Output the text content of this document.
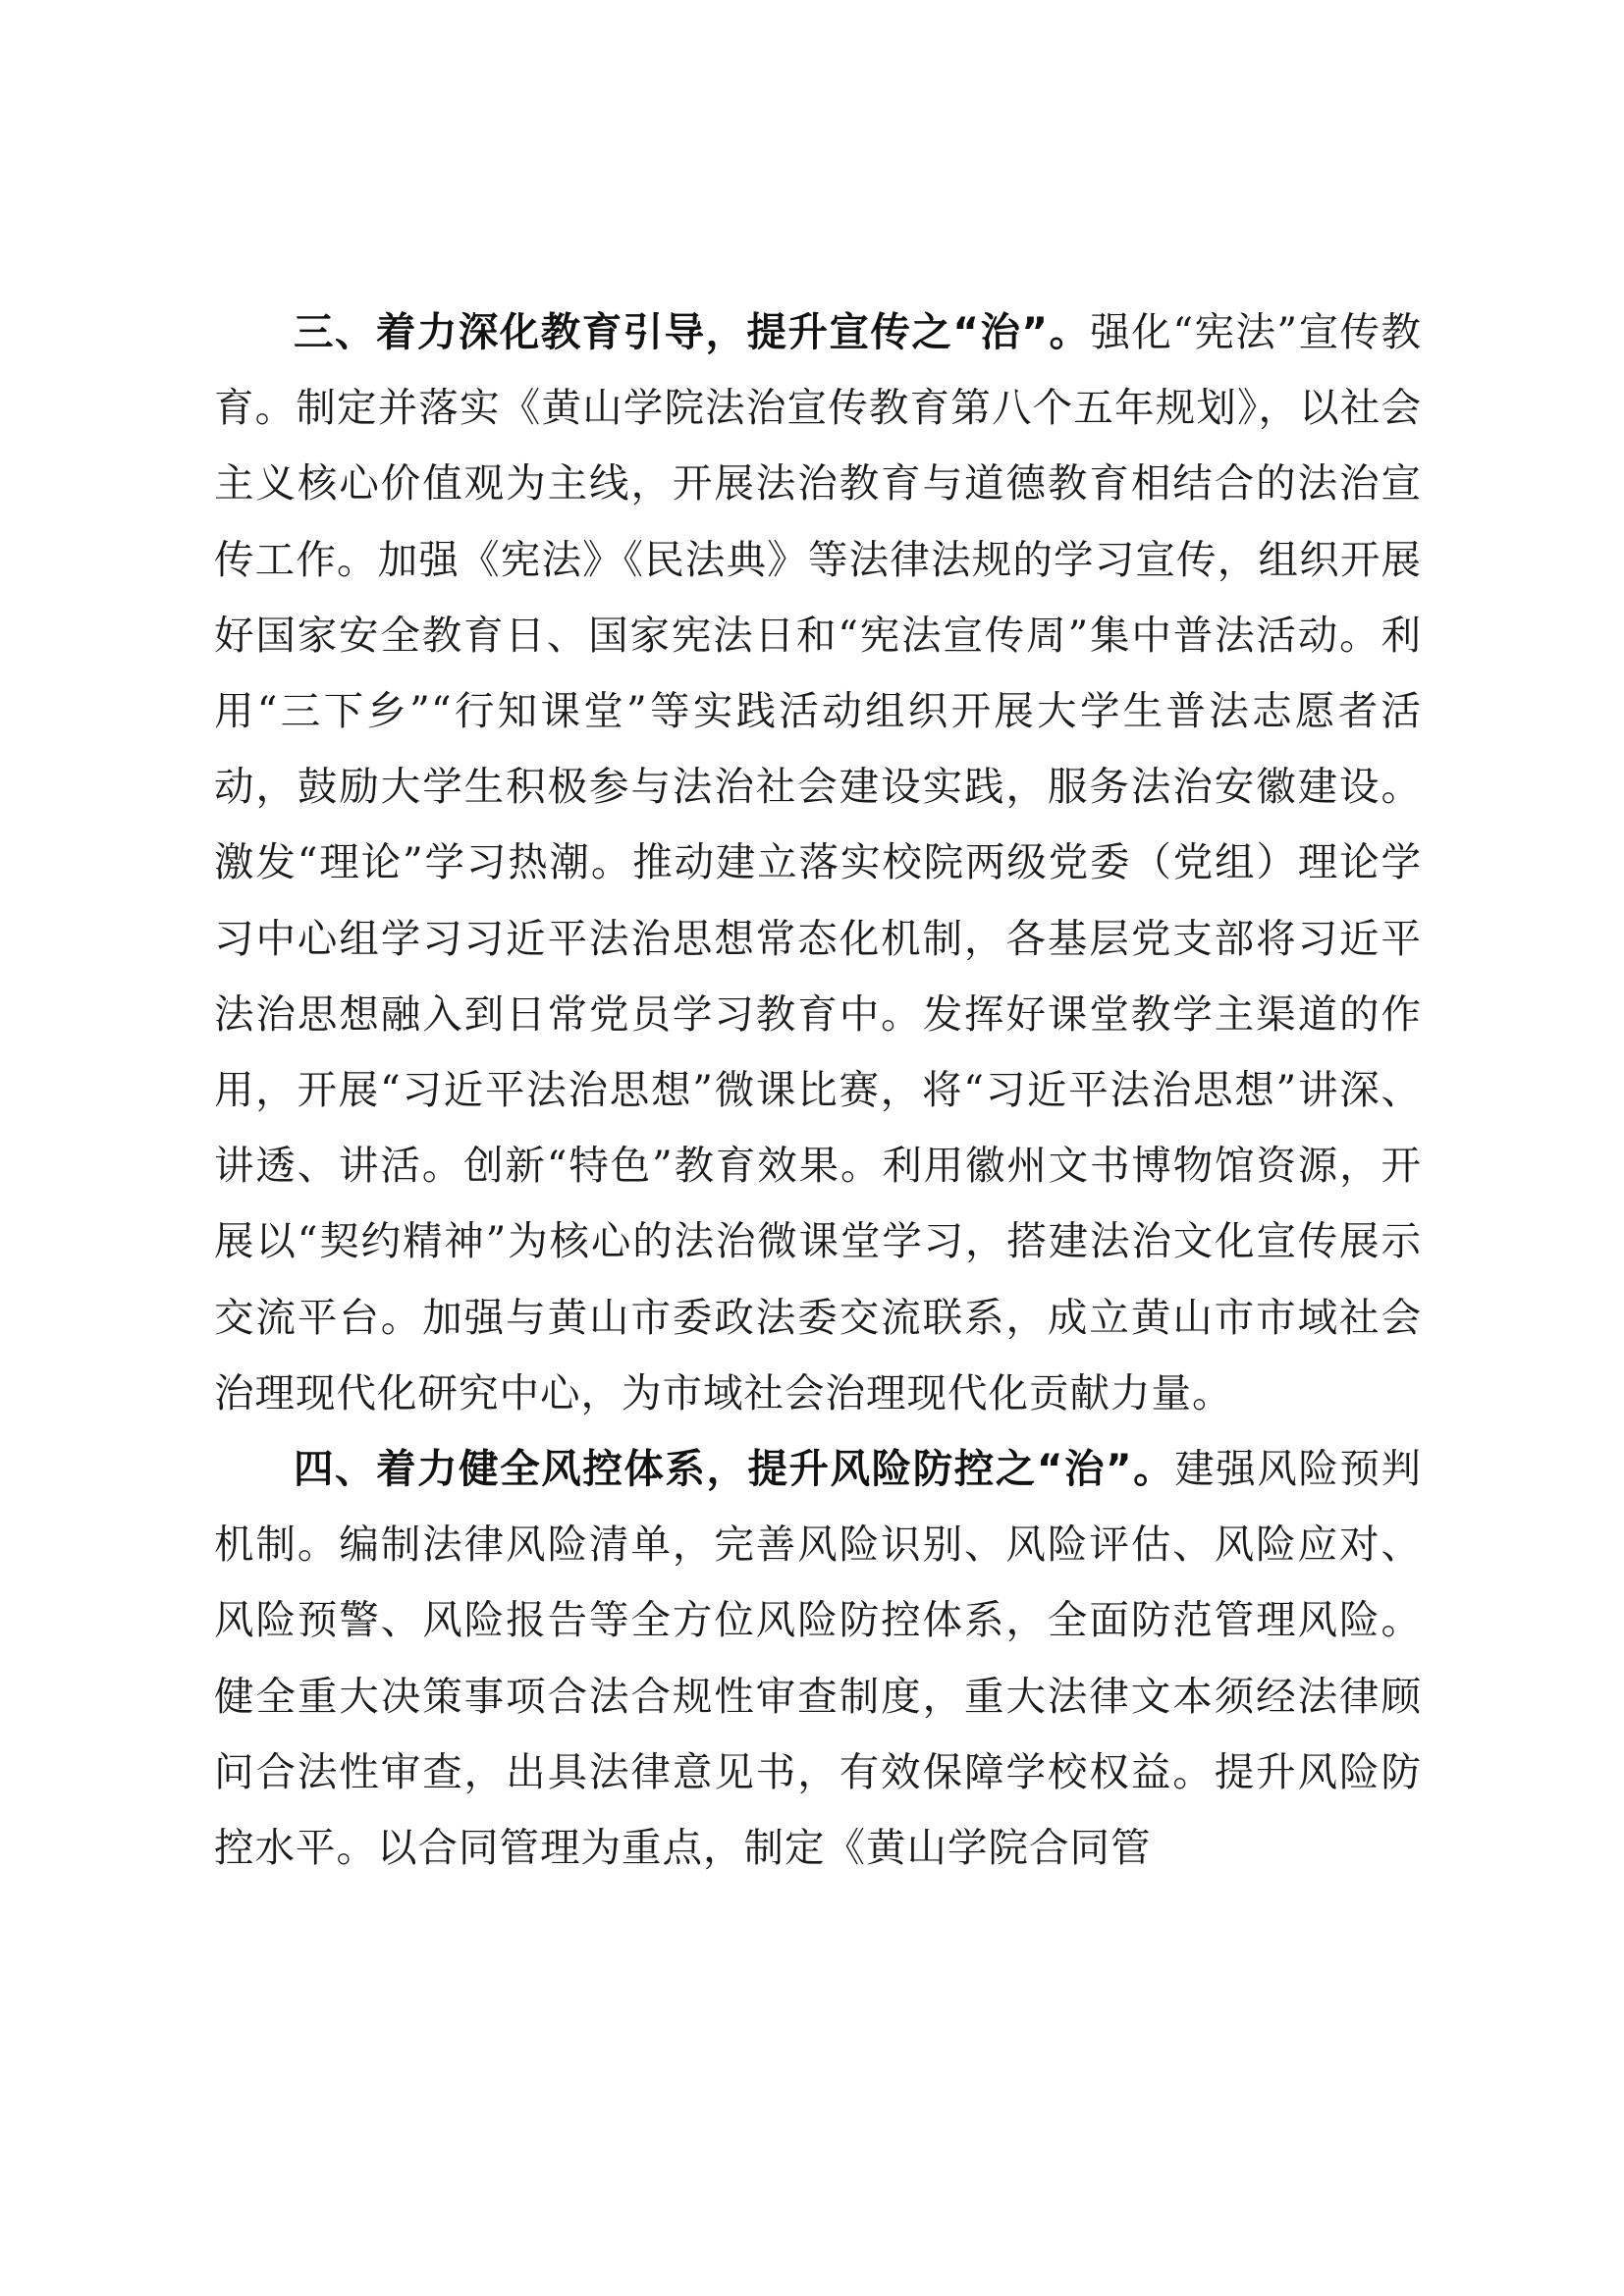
三、着力深化教育引导，提升宣传之“治”。强化“宪法”宣传教育。制定并落实《黄山学院法治宣传教育第八个五年规划》，以社会主义核心价值观为主线，开展法治教育与道德教育相结合的法治宣传工作。加强《宪法》《民法典》等法律法规的学习宣传，组织开展好国家安全教育日、国家宪法日和“宪法宣传周”集中普法活动。利用“三下乡”“行知课堂”等实践活动组织开展大学生普法志愿者活动，鼓励大学生积极参与法治社会建设实践，服务法治安徽建设。激发“理论”学习热潮。推动建立落实校院两级党委（党组）理论学习中心组学习习近平法治思想常态化机制，各基层党支部将习近平法治思想融入到日常党员学习教育中。发挥好课堂教学主渠道的作用，开展“习近平法治思想”微课比赛，将“习近平法治思想”讲深、讲透、讲活。创新“特色”教育效果。利用徽州文书博物馆资源，开展以“契约精神”为核心的法治微课堂学习，搭建法治文化宣传展示交流平台。加强与黄山市委政法委交流联系，成立黄山市市域社会治理现代化研究中心，为市域社会治理现代化贡献力量。

四、着力健全风控体系，提升风险防控之“治”。建强风险预判机制。编制法律风险清单，完善风险识别、风险评估、风险应对、风险预警、风险报告等全方位风险防控体系，全面防范管理风险。健全重大决策事项合法合规性审查制度，重大法律文本须经法律顾问合法性审查，出具法律意见书，有效保障学校权益。提升风险防控水平。以合同管理为重点，制定《黄山学院合同管
